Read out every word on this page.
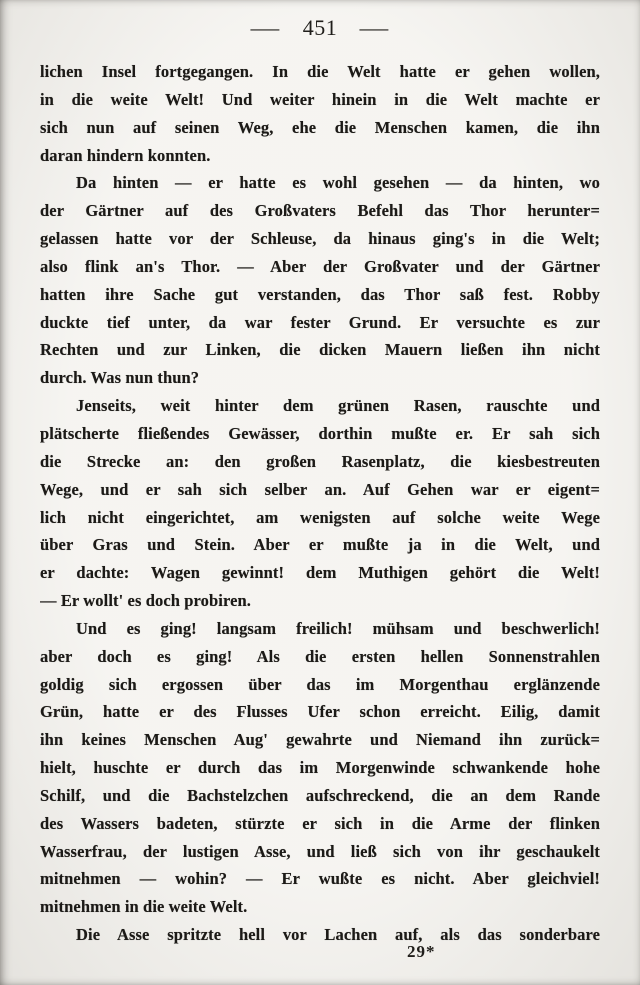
— 451 —
lichen Insel fortgegangen. In die Welt hatte er gehen wollen,
in die weite Welt! Und weiter hinein in die Welt machte er
sich nun auf seinen Weg, ehe die Menschen kamen, die ihn
daran hindern konnten.
Da hinten — er hatte es wohl gesehen — da hinten, wo
der Gärtner auf des Großvaters Befehl das Thor herunter=
gelassen hatte vor der Schleuse, da hinaus ging's in die Welt;
also flink an's Thor. — Aber der Großvater und der Gärtner
hatten ihre Sache gut verstanden, das Thor saß fest. Robby
duckte tief unter, da war fester Grund. Er versuchte es zur
Rechten und zur Linken, die dicken Mauern ließen ihn nicht
durch. Was nun thun?
Jenseits, weit hinter dem grünen Rasen, rauschte und
plätscherte fließendes Gewässer, dorthin mußte er. Er sah sich
die Strecke an: den großen Rasenplatz, die kiesbestreuten
Wege, und er sah sich selber an. Auf Gehen war er eigent=
lich nicht eingerichtet, am wenigsten auf solche weite Wege
über Gras und Stein. Aber er mußte ja in die Welt, und
er dachte: Wagen gewinnt! dem Muthigen gehört die Welt!
— Er wollt' es doch probiren.
Und es ging! langsam freilich! mühsam und beschwerlich!
aber doch es ging! Als die ersten hellen Sonnenstrahlen
goldig sich ergossen über das im Morgenthau erglänzende
Grün, hatte er des Flusses Ufer schon erreicht. Eilig, damit
ihn keines Menschen Aug' gewahrte und Niemand ihn zurück=
hielt, huschte er durch das im Morgenwinde schwankende hohe
Schilf, und die Bachstelzchen aufschreckend, die an dem Rande
des Wassers badeten, stürzte er sich in die Arme der flinken
Wasserfrau, der lustigen Asse, und ließ sich von ihr geschaukelt
mitnehmen — wohin? — Er wußte es nicht. Aber gleichviel!
mitnehmen in die weite Welt.
Die Asse spritzte hell vor Lachen auf, als das sonderbare
29*
